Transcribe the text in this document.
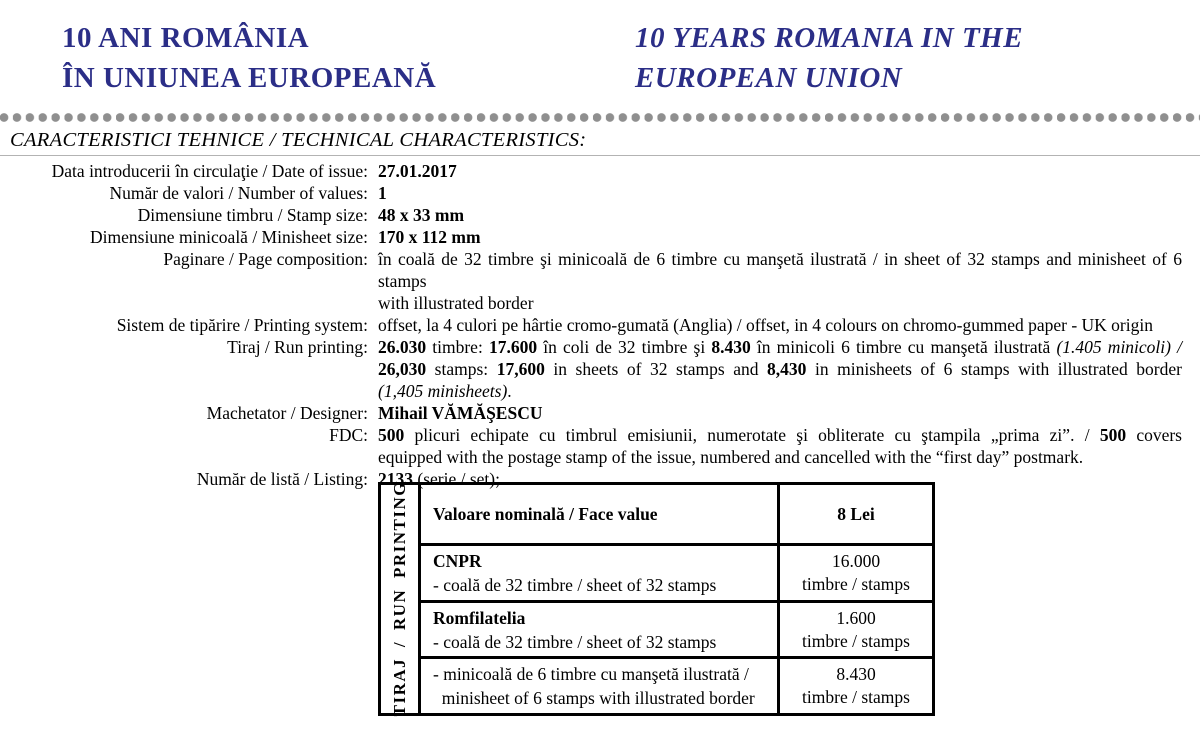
10 ANI ROMÂNIA
ÎN UNIUNEA EUROPEANĂ
10 YEARS ROMANIA IN THE
EUROPEAN UNION
CARACTERISTICI TEHNICE / TECHNICAL CHARACTERISTICS:
Data introducerii în circulaţie / Date of issue: 27.01.2017
Număr de valori / Number of values: 1
Dimensiune timbru / Stamp size: 48 x 33 mm
Dimensiune minicoală / Minisheet size: 170 x 112 mm
Paginare / Page composition: în coală de 32 timbre şi minicoală de 6 timbre cu manşetă ilustrată / in sheet of 32 stamps and minisheet of 6 stamps
with illustrated border
Sistem de tipărire / Printing system: offset, la 4 culori pe hârtie cromo-gumată (Anglia) / offset, in 4 colours on chromo-gummed paper - UK origin
Tiraj / Run printing: 26.030 timbre: 17.600 în coli de 32 timbre şi 8.430 în minicoli 6 timbre cu manşetă ilustrată (1.405 minicoli) /
26,030 stamps: 17,600 in sheets of 32 stamps and 8,430 in minisheets of 6 stamps with illustrated border
(1,405 minisheets).
Machetator / Designer: Mihail VĂMĂŞESCU
FDC: 500 plicuri echipate cu timbrul emisiunii, numerotate şi obliterate cu ştampila „prima zi”. / 500 covers
equipped with the postage stamp of the issue, numbered and cancelled with the “first day” postmark.
Număr de listă / Listing: 2133 (serie / set);
TIRAJ / RUN PRINTING Valoare nominală / Face value	8 Lei
CNPR
- coală de 32 timbre / sheet of 32 stamps
16.000
timbre / stamps
Romfilatelia
- coală de 32 timbre / sheet of 32 stamps
1.600
timbre / stamps
- minicoală de 6 timbre cu manşetă ilustrată /
minisheet of 6 stamps with illustrated border
8.430
timbre / stamps
